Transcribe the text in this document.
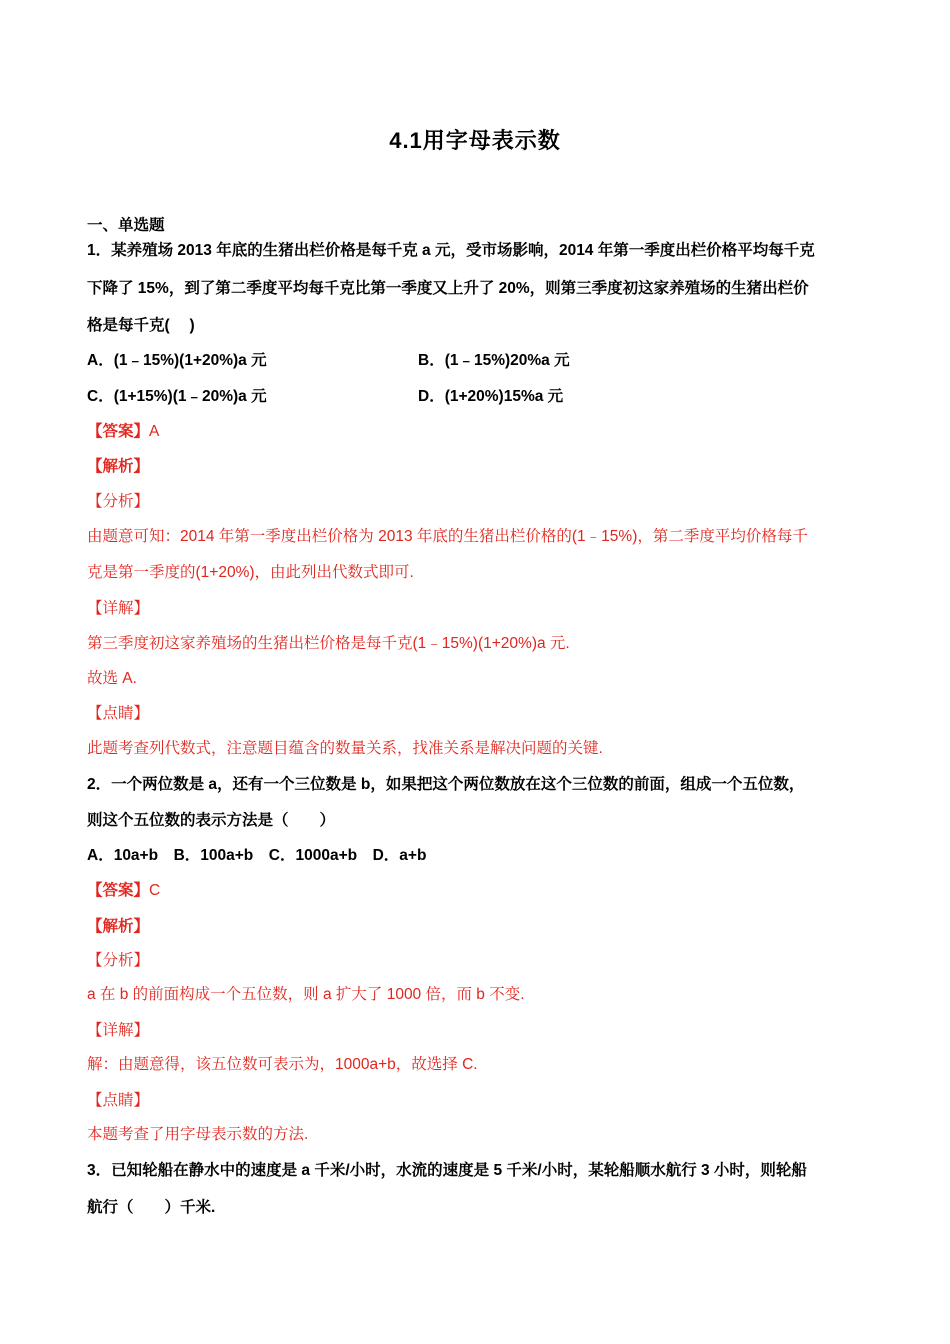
4.1用字母表示数
一、单选题
1．某养殖场 2013 年底的生猪出栏价格是每千克 a 元，受市场影响，2014 年第一季度出栏价格平均每千克
下降了 15%，到了第二季度平均每千克比第一季度又上升了 20%，则第三季度初这家养殖场的生猪出栏价
格是每千克(　 )
A．(1﹣15%)(1+20%)a 元	B．(1﹣15%)20%a 元
C．(1+15%)(1﹣20%)a 元	D．(1+20%)15%a 元
【答案】A
【解析】
【分析】
由题意可知：2014 年第一季度出栏价格为 2013 年底的生猪出栏价格的(1﹣15%)，第二季度平均价格每千
克是第一季度的(1+20%)，由此列出代数式即可.
【详解】
第三季度初这家养殖场的生猪出栏价格是每千克(1﹣15%)(1+20%)a 元.
故选 A.
【点睛】
此题考查列代数式，注意题目蕴含的数量关系，找准关系是解决问题的关键.
2．一个两位数是 a，还有一个三位数是 b，如果把这个两位数放在这个三位数的前面，组成一个五位数，
则这个五位数的表示方法是（　　）
A．10a+b　B．100a+b　C．1000a+b　D．a+b
【答案】C
【解析】
【分析】
a 在 b 的前面构成一个五位数，则 a 扩大了 1000 倍，而 b 不变.
【详解】
解：由题意得，该五位数可表示为，1000a+b，故选择 C.
【点睛】
本题考查了用字母表示数的方法.
3．已知轮船在静水中的速度是 a 千米/小时，水流的速度是 5 千米/小时，某轮船顺水航行 3 小时，则轮船
航行（　　）千米.
